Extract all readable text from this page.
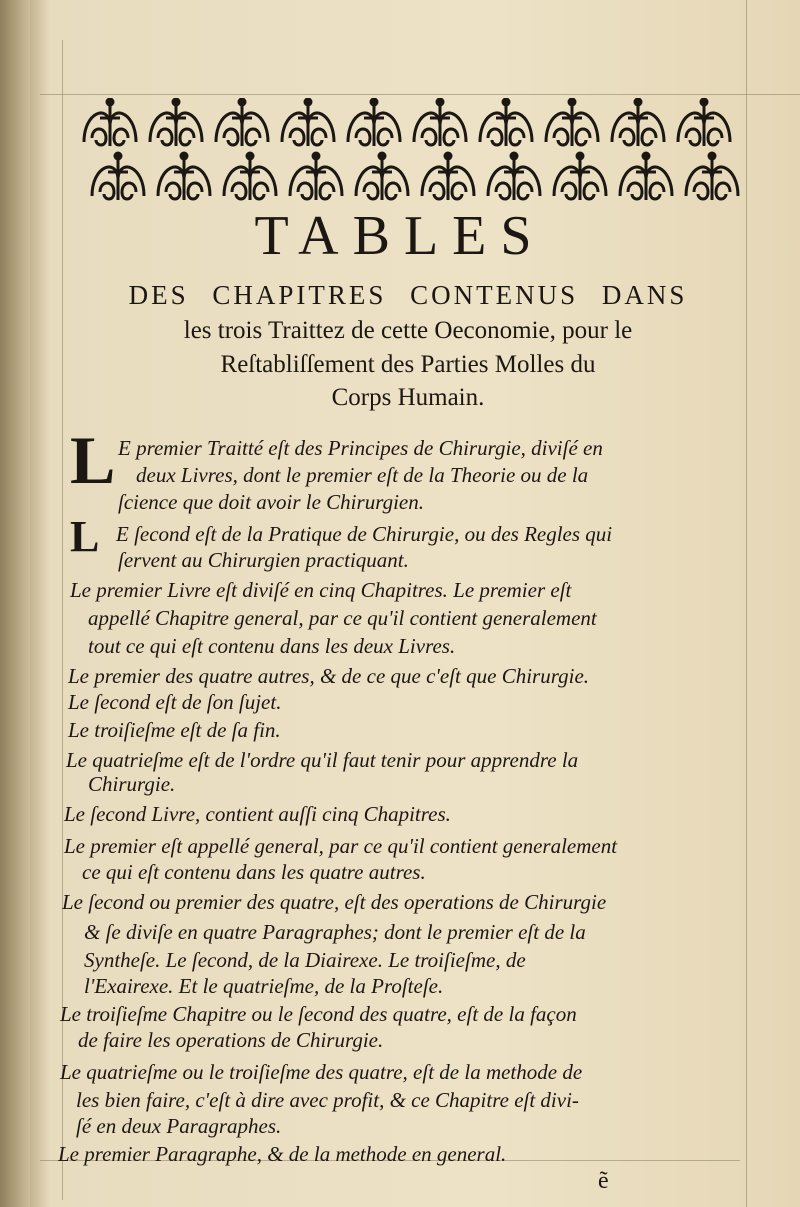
TABLES
DES CHAPITRES CONTENUS DANS
les trois Traittez de cette Oeconomie, pour le
Reſtabliſſement des Parties Molles du
Corps Humain.
L
L
E premier Traitté eſt des Principes de Chirurgie, diviſé en
deux Livres, dont le premier eſt de la Theorie ou de la
ſcience que doit avoir le Chirurgien.
E ſecond eſt de la Pratique de Chirurgie, ou des Regles qui
ſervent au Chirurgien practiquant.
Le premier Livre eſt diviſé en cinq Chapitres. Le premier eſt
appellé Chapitre general, par ce qu'il contient generalement
tout ce qui eſt contenu dans les deux Livres.
Le premier des quatre autres, & de ce que c'eſt que Chirurgie.
Le ſecond eſt de ſon ſujet.
Le troiſieſme eſt de ſa fin.
Le quatrieſme eſt de l'ordre qu'il faut tenir pour apprendre la
Chirurgie.
Le ſecond Livre, contient auſſi cinq Chapitres.
Le premier eſt appellé general, par ce qu'il contient generalement
ce qui eſt contenu dans les quatre autres.
Le ſecond ou premier des quatre, eſt des operations de Chirurgie
& ſe diviſe en quatre Paragraphes; dont le premier eſt de la
Syntheſe. Le ſecond, de la Diairexe. Le troiſieſme, de
l'Exairexe. Et le quatrieſme, de la Proſteſe.
Le troiſieſme Chapitre ou le ſecond des quatre, eſt de la façon
de faire les operations de Chirurgie.
Le quatrieſme ou le troiſieſme des quatre, eſt de la methode de
les bien faire, c'eſt à dire avec profit, & ce Chapitre eſt divi-
ſé en deux Paragraphes.
Le premier Paragraphe, & de la methode en general.
ẽ
